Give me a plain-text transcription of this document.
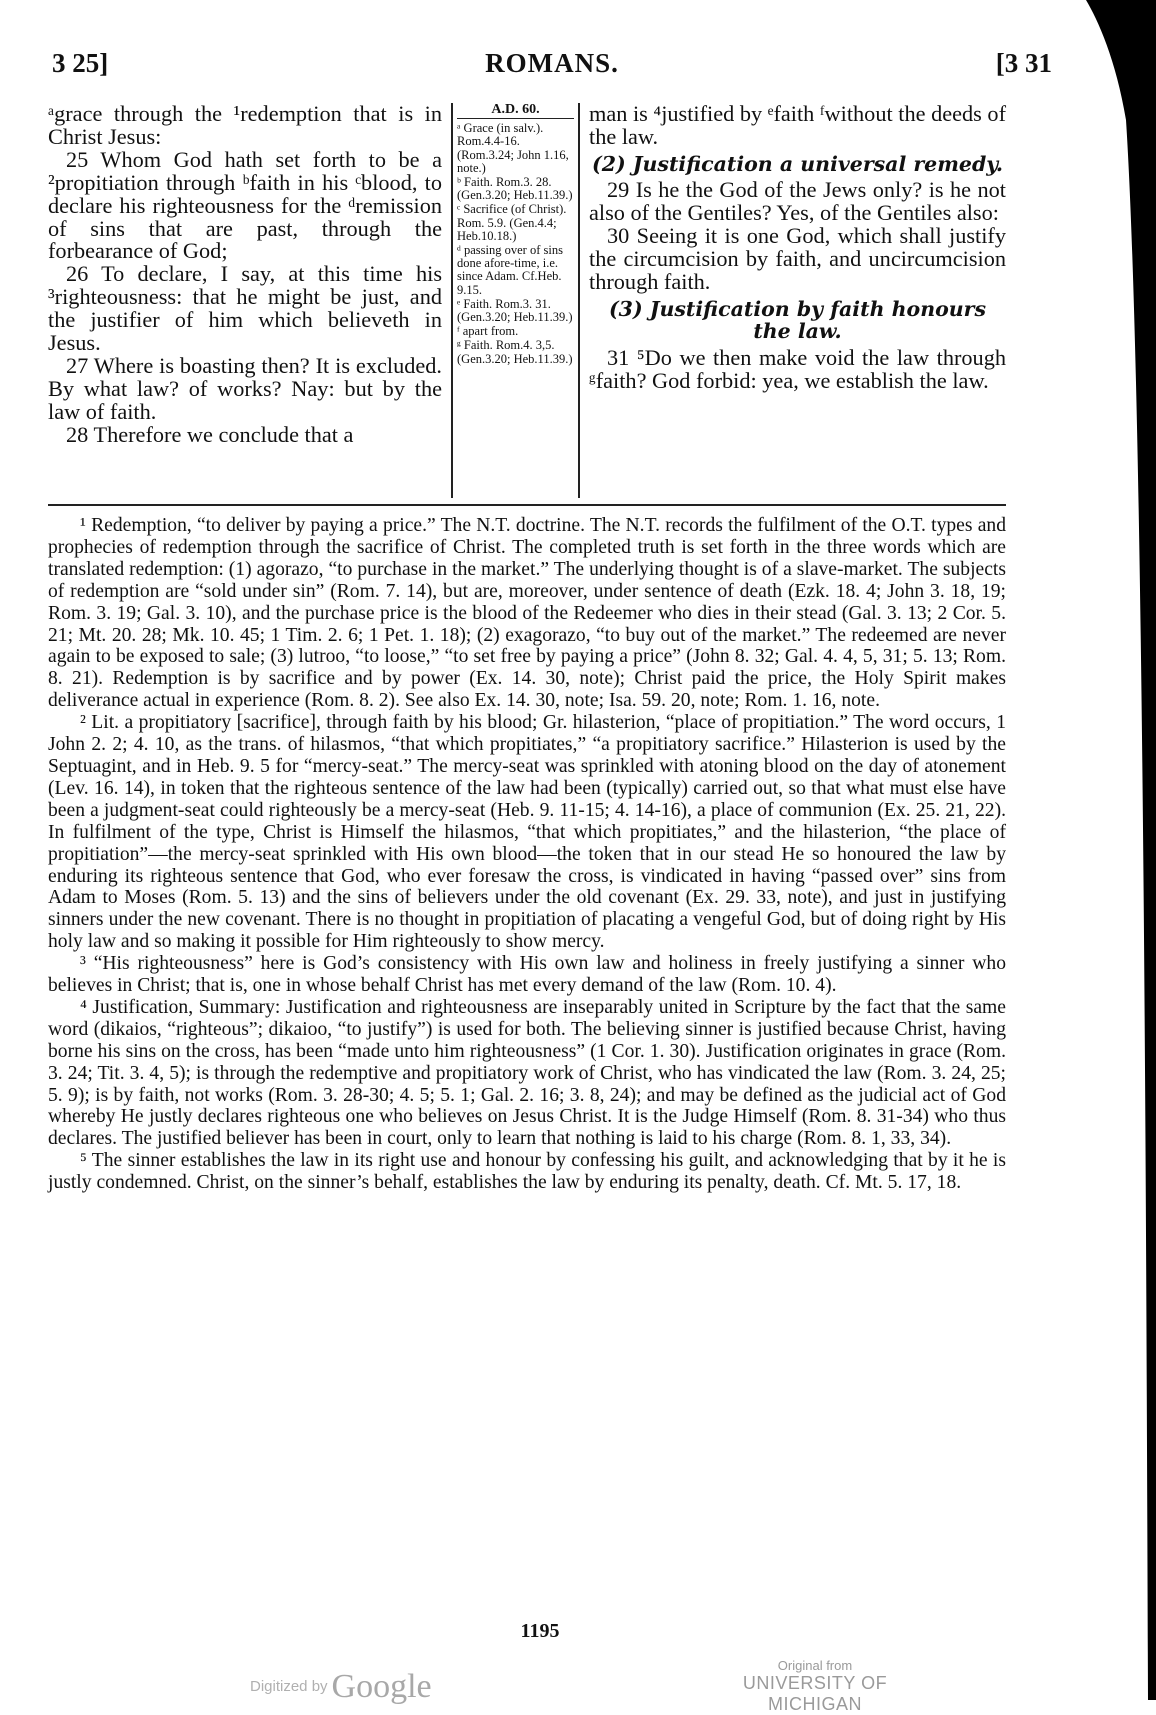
3 25]	ROMANS.	[3 31

ᵃgrace through the ¹redemption that is in Christ Jesus:

25 Whom God hath set forth to be a ²propitiation through ᵇfaith in his ᶜblood, to declare his righteousness for the ᵈremission of sins that are past, through the forbearance of God;

26 To declare, I say, at this time his ³righteousness: that he might be just, and the justifier of him which believeth in Jesus.

27 Where is boasting then? It is excluded. By what law? of works? Nay: but by the law of faith.

28 Therefore we conclude that a

A.D. 60.

ᵃ Grace (in salv.). Rom.4.4-16. (Rom.3.24; John 1.16, note.)

ᵇ Faith. Rom.3. 28. (Gen.3.20; Heb.11.39.)

ᶜ Sacrifice (of Christ). Rom. 5.9. (Gen.4.4; Heb.10.18.)

ᵈ passing over of sins done afore-time, i.e. since Adam. Cf.Heb. 9.15.

ᵉ Faith. Rom.3. 31. (Gen.3.20; Heb.11.39.)

ᶠ apart from.

ᵍ Faith. Rom.4. 3,5. (Gen.3.20; Heb.11.39.)

man is ⁴justified by ᵉfaith ᶠwithout the deeds of the law.

(2) Justification a universal remedy.

29 Is he the God of the Jews only? is he not also of the Gentiles? Yes, of the Gentiles also:

30 Seeing it is one God, which shall justify the circumcision by faith, and uncircumcision through faith.

(3) Justification by faith honours the law.

31 ⁵Do we then make void the law through ᵍfaith? God forbid: yea, we establish the law.

¹ Redemption, “to deliver by paying a price.” The N.T. doctrine. The N.T. records the fulfilment of the O.T. types and prophecies of redemption through the sacrifice of Christ. The completed truth is set forth in the three words which are translated redemption: (1) agorazo, “to purchase in the market.” The underlying thought is of a slave-market. The subjects of redemption are “sold under sin” (Rom. 7. 14), but are, moreover, under sentence of death (Ezk. 18. 4; John 3. 18, 19; Rom. 3. 19; Gal. 3. 10), and the purchase price is the blood of the Redeemer who dies in their stead (Gal. 3. 13; 2 Cor. 5. 21; Mt. 20. 28; Mk. 10. 45; 1 Tim. 2. 6; 1 Pet. 1. 18); (2) exagorazo, “to buy out of the market.” The redeemed are never again to be exposed to sale; (3) lutroo, “to loose,” “to set free by paying a price” (John 8. 32; Gal. 4. 4, 5, 31; 5. 13; Rom. 8. 21). Redemption is by sacrifice and by power (Ex. 14. 30, note); Christ paid the price, the Holy Spirit makes deliverance actual in experience (Rom. 8. 2). See also Ex. 14. 30, note; Isa. 59. 20, note; Rom. 1. 16, note.

² Lit. a propitiatory [sacrifice], through faith by his blood; Gr. hilasterion, “place of propitiation.” The word occurs, 1 John 2. 2; 4. 10, as the trans. of hilasmos, “that which propitiates,” “a propitiatory sacrifice.” Hilasterion is used by the Septuagint, and in Heb. 9. 5 for “mercy-seat.” The mercy-seat was sprinkled with atoning blood on the day of atonement (Lev. 16. 14), in token that the righteous sentence of the law had been (typically) carried out, so that what must else have been a judgment-seat could righteously be a mercy-seat (Heb. 9. 11-15; 4. 14-16), a place of communion (Ex. 25. 21, 22). In fulfilment of the type, Christ is Himself the hilasmos, “that which propitiates,” and the hilasterion, “the place of propitiation”—the mercy-seat sprinkled with His own blood—the token that in our stead He so honoured the law by enduring its righteous sentence that God, who ever foresaw the cross, is vindicated in having “passed over” sins from Adam to Moses (Rom. 5. 13) and the sins of believers under the old covenant (Ex. 29. 33, note), and just in justifying sinners under the new covenant. There is no thought in propitiation of placating a vengeful God, but of doing right by His holy law and so making it possible for Him righteously to show mercy.

³ “His righteousness” here is God’s consistency with His own law and holiness in freely justifying a sinner who believes in Christ; that is, one in whose behalf Christ has met every demand of the law (Rom. 10. 4).

⁴ Justification, Summary: Justification and righteousness are inseparably united in Scripture by the fact that the same word (dikaios, “righteous”; dikaioo, “to justify”) is used for both. The believing sinner is justified because Christ, having borne his sins on the cross, has been “made unto him righteousness” (1 Cor. 1. 30). Justification originates in grace (Rom. 3. 24; Tit. 3. 4, 5); is through the redemptive and propitiatory work of Christ, who has vindicated the law (Rom. 3. 24, 25; 5. 9); is by faith, not works (Rom. 3. 28-30; 4. 5; 5. 1; Gal. 2. 16; 3. 8, 24); and may be defined as the judicial act of God whereby He justly declares righteous one who believes on Jesus Christ. It is the Judge Himself (Rom. 8. 31-34) who thus declares. The justified believer has been in court, only to learn that nothing is laid to his charge (Rom. 8. 1, 33, 34).

⁵ The sinner establishes the law in its right use and honour by confessing his guilt, and acknowledging that by it he is justly condemned. Christ, on the sinner’s behalf, establishes the law by enduring its penalty, death. Cf. Mt. 5. 17, 18.

1195
Digitized by Google
Original from
UNIVERSITY OF MICHIGAN
